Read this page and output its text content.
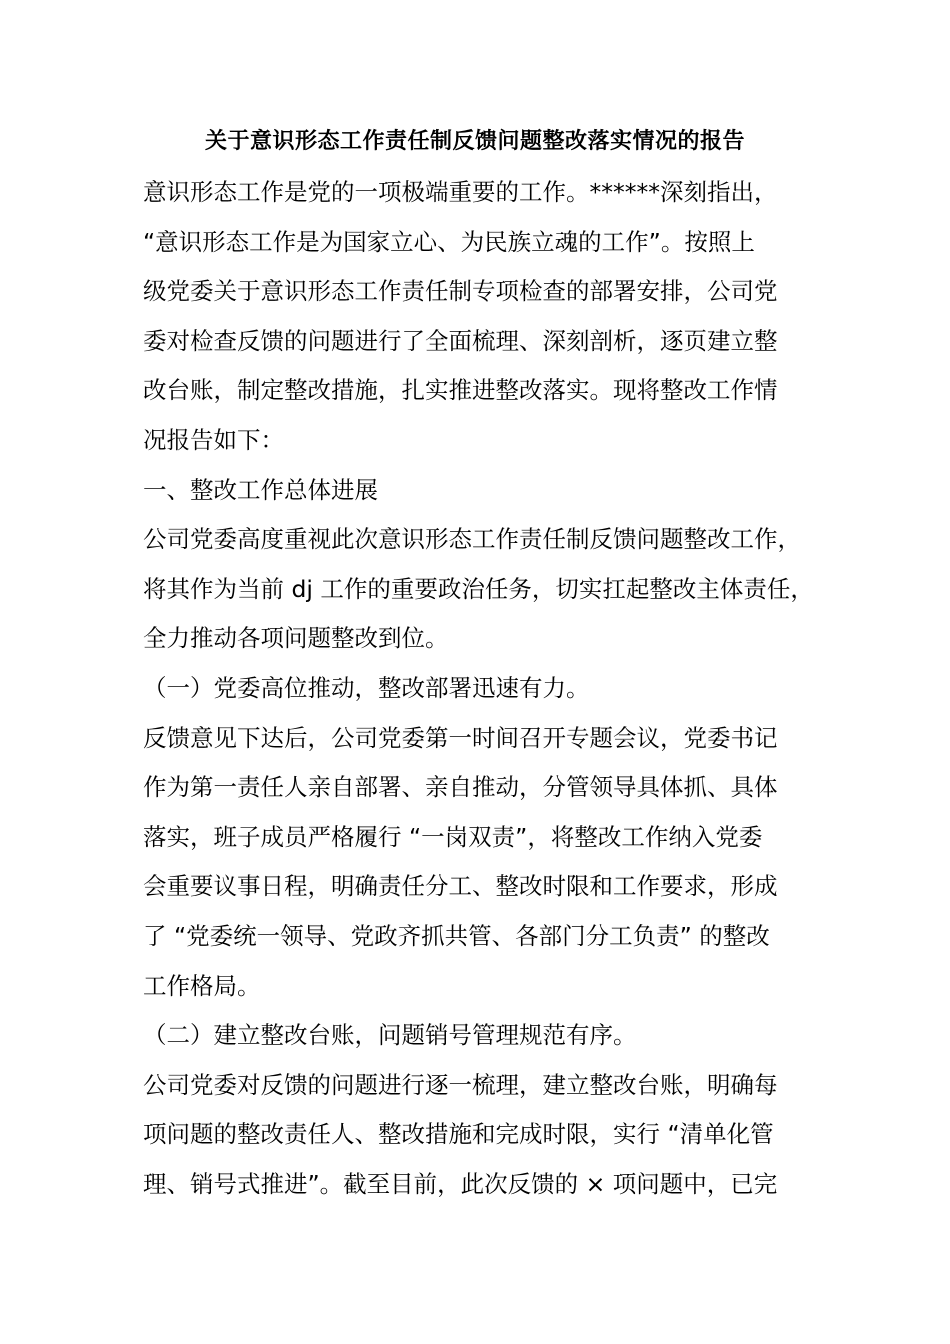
关于意识形态工作责任制反馈问题整改落实情况的报告
意识形态工作是党的一项极端重要的工作。******深刻指出，
“意识形态工作是为国家立心、为民族立魂的工作”。按照上
级党委关于意识形态工作责任制专项检查的部署安排，公司党
委对检查反馈的问题进行了全面梳理、深刻剖析，逐页建立整
改台账，制定整改措施，扎实推进整改落实。现将整改工作情
况报告如下：
一、整改工作总体进展
公司党委高度重视此次意识形态工作责任制反馈问题整改工作，
将其作为当前 dj 工作的重要政治任务，切实扛起整改主体责任，
全力推动各项问题整改到位。
（一）党委高位推动，整改部署迅速有力。
反馈意见下达后，公司党委第一时间召开专题会议，党委书记
作为第一责任人亲自部署、亲自推动，分管领导具体抓、具体
落实，班子成员严格履行 “一岗双责”，将整改工作纳入党委
会重要议事日程，明确责任分工、整改时限和工作要求，形成
了 “党委统一领导、党政齐抓共管、各部门分工负责” 的整改
工作格局。
（二）建立整改台账，问题销号管理规范有序。
公司党委对反馈的问题进行逐一梳理，建立整改台账，明确每
项问题的整改责任人、整改措施和完成时限，实行 “清单化管
理、销号式推进”。截至目前，此次反馈的 × 项问题中，已完
